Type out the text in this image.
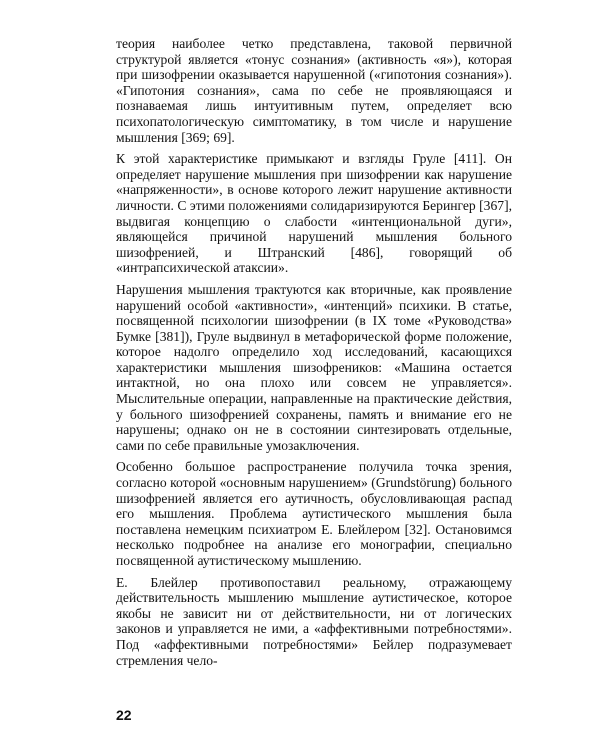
теория наиболее четко представлена, таковой первичной структурой является «тонус сознания» (активность «я»), которая при шизофрении оказывается нарушенной («гипотония сознания»). «Гипотония сознания», сама по себе не проявляющаяся и познаваемая лишь интуитивным путем, определяет всю психопатологическую симптоматику, в том числе и нарушение мышления [369; 69].

К этой характеристике примыкают и взгляды Груле [411]. Он определяет нарушение мышления при шизофрении как нарушение «напряженности», в основе которого лежит нарушение активности личности. С этими положениями солидаризируются Берингер [367], выдвигая концепцию о слабости «интенциональной дуги», являющейся причиной нарушений мышления больного шизофренией, и Штранский [486], говорящий об «интрапсихической атаксии».

Нарушения мышления трактуются как вторичные, как проявление нарушений особой «активности», «интенций» психики. В статье, посвященной психологии шизофрении (в IX томе «Руководства» Бумке [381]), Груле выдвинул в метафорической форме положение, которое надолго определило ход исследований, касающихся характеристики мышления шизофреников: «Машина остается интактной, но она плохо или совсем не управляется». Мыслительные операции, направленные на практические действия, у больного шизофренией сохранены, память и внимание его не нарушены; однако он не в состоянии синтезировать отдельные, сами по себе правильные умозаключения.

Особенно большое распространение получила точка зрения, согласно которой «основным нарушением» (Grundstörung) больного шизофренией является его аутичность, обусловливающая распад его мышления. Проблема аутистического мышления была поставлена немецким психиатром Е. Блейлером [32]. Остановимся несколько подробнее на анализе его монографии, специально посвященной аутистическому мышлению.

Е. Блейлер противопоставил реальному, отражающему действительность мышлению мышление аутистическое, которое якобы не зависит ни от действительности, ни от логических законов и управляется не ими, а «аффективными потребностями». Под «аффективными потребностями» Бейлер подразумевает стремления чело-

22
